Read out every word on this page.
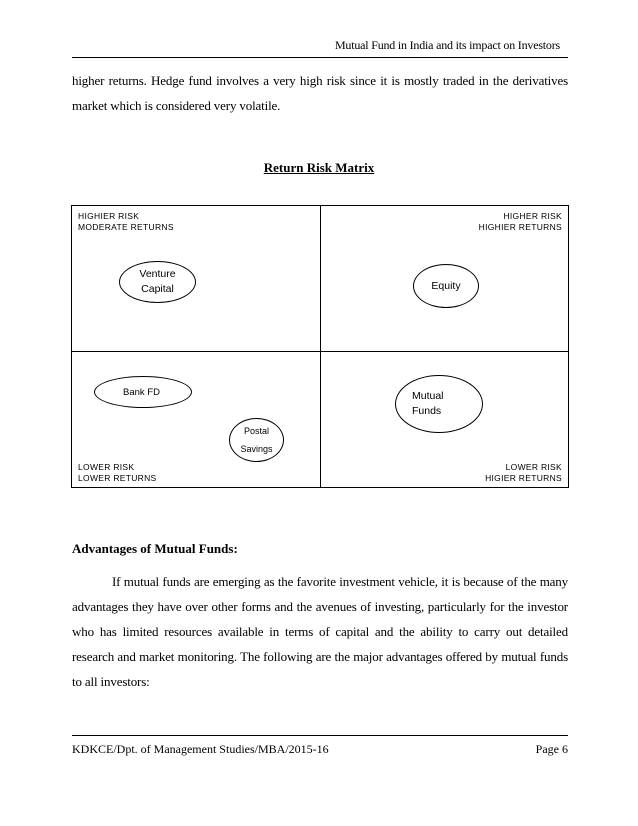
Mutual Fund in India and its impact on Investors
higher returns. Hedge fund involves a very high risk since it is mostly traded in the derivatives market which is considered very volatile.
Return Risk Matrix
HIGHIER RISK
MODERATE RETURNS
HIGHER RISK
HIGHIER RETURNS
LOWER RISK
LOWER RETURNS
LOWER RISK
HIGIER RETURNS
Venture
Capital	Equity
Bank FD
Postal
Savings
Mutual
Funds
Advantages of Mutual Funds:
If mutual funds are emerging as the favorite investment vehicle, it is because of the many advantages they have over other forms and the avenues of investing, particularly for the investor who has limited resources available in terms of capital and the ability to carry out detailed research and market monitoring. The following are the major advantages offered by mutual funds to all investors:
KDKCE/Dpt. of Management Studies/MBA/2015-16	Page 6
